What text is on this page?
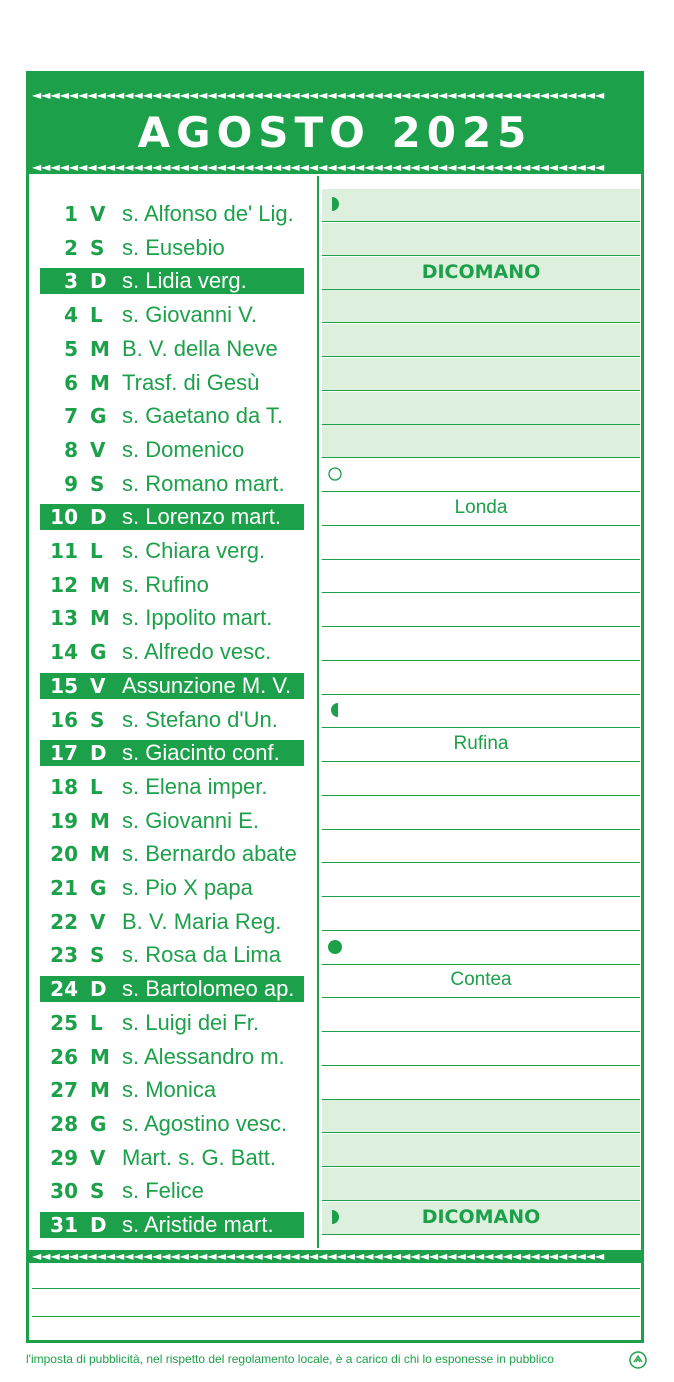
◄◄◄◄◄◄◄◄◄◄◄◄◄◄◄◄◄◄◄◄◄◄◄◄◄◄◄◄◄◄◄◄◄◄◄◄◄◄◄◄◄◄◄◄◄◄◄◄◄◄◄◄◄◄◄◄◄◄◄◄◄◄
AGOSTO 2025
◄◄◄◄◄◄◄◄◄◄◄◄◄◄◄◄◄◄◄◄◄◄◄◄◄◄◄◄◄◄◄◄◄◄◄◄◄◄◄◄◄◄◄◄◄◄◄◄◄◄◄◄◄◄◄◄◄◄◄◄◄◄
1 V s. Alfonso de' Lig.
2 S s. Eusebio
3 D s. Lidia verg.
4 L s. Giovanni V.
5 M B. V. della Neve
6 M Trasf. di Gesù
7 G s. Gaetano da T.
8 V s. Domenico
9 S s. Romano mart.
10 D s. Lorenzo mart.
11 L s. Chiara verg.
12 M s. Rufino
13 M s. Ippolito mart.
14 G s. Alfredo vesc.
15 V Assunzione M. V.
16 S s. Stefano d'Un.
17 D s. Giacinto conf.
18 L s. Elena imper.
19 M s. Giovanni E.
20 M s. Bernardo abate
21 G s. Pio X papa
22 V B. V. Maria Reg.
23 S s. Rosa da Lima
24 D s. Bartolomeo ap.
25 L s. Luigi dei Fr.
26 M s. Alessandro m.
27 M s. Monica
28 G s. Agostino vesc.
29 V Mart. s. G. Batt.
30 S s. Felice
31 D s. Aristide mart.
DICOMANO
Londa
Rufina
Contea
DICOMANO
◄◄◄◄◄◄◄◄◄◄◄◄◄◄◄◄◄◄◄◄◄◄◄◄◄◄◄◄◄◄◄◄◄◄◄◄◄◄◄◄◄◄◄◄◄◄◄◄◄◄◄◄◄◄◄◄◄◄◄◄◄◄
l'imposta di pubblicità, nel rispetto del regolamento locale, è a carico di chi lo esponesse in pubblico
